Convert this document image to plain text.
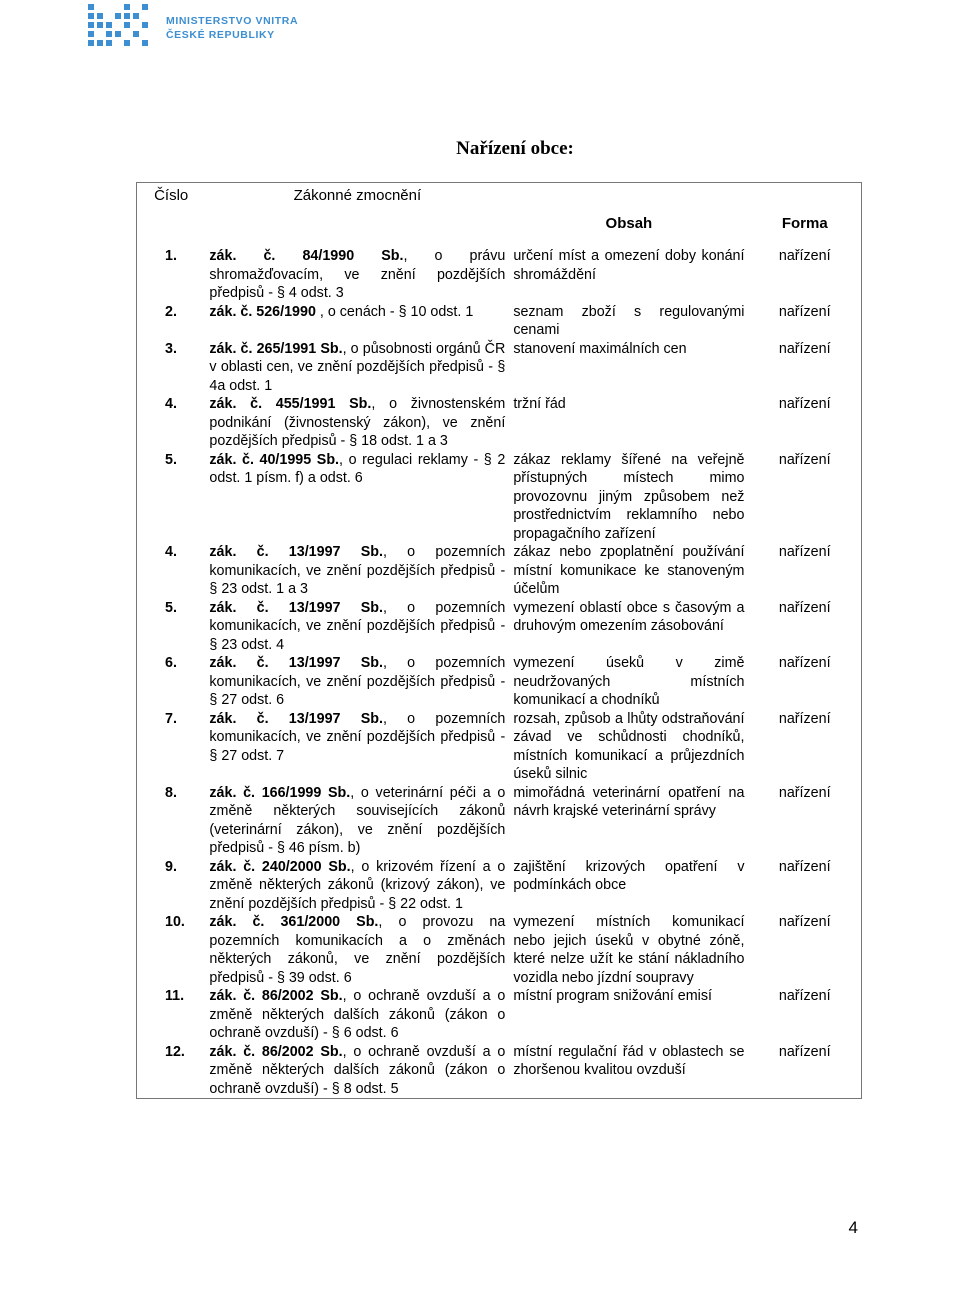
MINISTERSTVO VNITRA
ČESKÉ REPUBLIKY
Nařízení obce:
Číslo	Zákonné zmocnění	Obsah	Forma
1.	zák. č. 84/1990 Sb., o právu shromažďovacím, ve znění pozdějších předpisů - § 4 odst. 3	určení míst a omezení doby konání shromáždění	nařízení
2.	zák. č. 526/1990 , o cenách - § 10 odst. 1	seznam zboží s regulovanými cenami	nařízení
3.	zák. č. 265/1991 Sb., o působnosti orgánů ČR v oblasti cen, ve znění pozdějších předpisů - § 4a odst. 1	stanovení maximálních cen	nařízení
4.	zák. č. 455/1991 Sb., o živnostenském podnikání (živnostenský zákon), ve znění pozdějších předpisů - § 18 odst. 1 a 3	tržní řád	nařízení
5.	zák. č. 40/1995 Sb., o regulaci reklamy - § 2 odst. 1 písm. f) a odst. 6	zákaz reklamy šířené na veřejně přístupných místech mimo provozovnu jiným způsobem než prostřednictvím reklamního nebo propagačního zařízení	nařízení
4.	zák. č. 13/1997 Sb., o pozemních komunikacích, ve znění pozdějších předpisů - § 23 odst. 1 a 3	zákaz nebo zpoplatnění používání místní komunikace ke stanoveným účelům	nařízení
5.	zák. č. 13/1997 Sb., o pozemních komunikacích, ve znění pozdějších předpisů - § 23 odst. 4	vymezení oblastí obce s časovým a druhovým omezením zásobování	nařízení
6.	zák. č. 13/1997 Sb., o pozemních komunikacích, ve znění pozdějších předpisů - § 27 odst. 6	vymezení úseků v zimě neudržovaných místních komunikací a chodníků	nařízení
7.	zák. č. 13/1997 Sb., o pozemních komunikacích, ve znění pozdějších předpisů - § 27 odst. 7	rozsah, způsob a lhůty odstraňování závad ve schůdnosti chodníků, místních komunikací a průjezdních úseků silnic	nařízení
8.	zák. č. 166/1999 Sb., o veterinární péči a o změně některých souvisejících zákonů (veterinární zákon), ve znění pozdějších předpisů - § 46 písm. b)	mimořádná veterinární opatření na návrh krajské veterinární správy	nařízení
9.	zák. č. 240/2000 Sb., o krizovém řízení a o změně některých zákonů (krizový zákon), ve znění pozdějších předpisů - § 22 odst. 1	zajištění krizových opatření v podmínkách obce	nařízení
10.	zák. č. 361/2000 Sb., o provozu na pozemních komunikacích a o změnách některých zákonů, ve znění pozdějších předpisů - § 39 odst. 6	vymezení místních komunikací nebo jejich úseků v obytné zóně, které nelze užít ke stání nákladního vozidla nebo jízdní soupravy	nařízení
11.	zák. č. 86/2002 Sb., o ochraně ovzduší a o změně některých dalších zákonů (zákon o ochraně ovzduší) - § 6 odst. 6	místní program snižování emisí	nařízení
12.	zák. č. 86/2002 Sb., o ochraně ovzduší a o změně některých dalších zákonů (zákon o ochraně ovzduší) - § 8 odst. 5	místní regulační řád v oblastech se zhoršenou kvalitou ovzduší	nařízení
4
